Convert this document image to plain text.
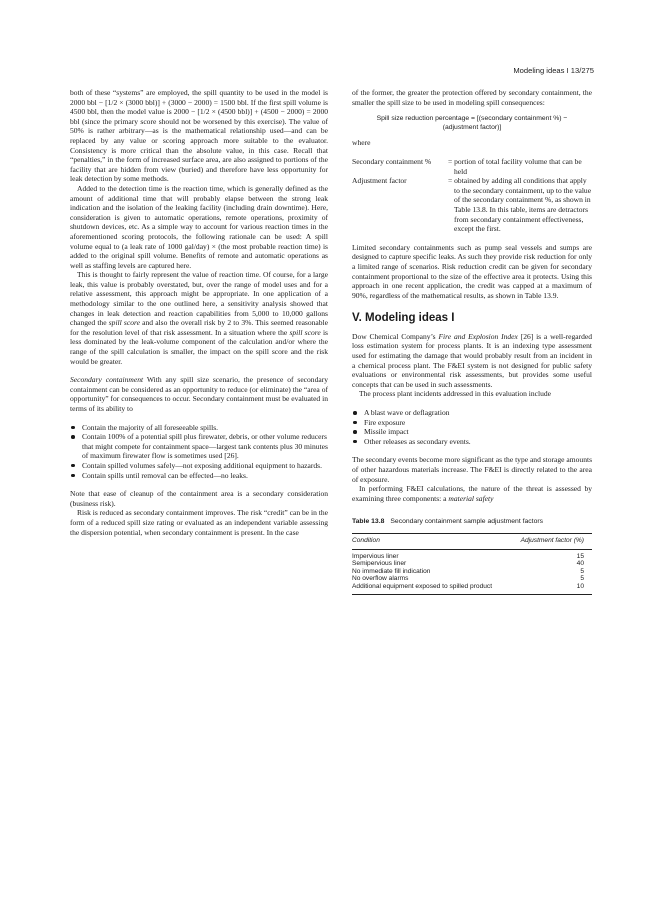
Modeling ideas I 13/275

both of these “systems” are employed, the spill quantity to be used in the model is 2000 bbl − [1/2 × (3000 bbl)] + (3000 − 2000) = 1500 bbl. If the first spill volume is 4500 bbl, then the model value is 2000 − [1/2 × (4500 bbl)] + (4500 − 2000) = 2000 bbl (since the primary score should not be worsened by this exercise). The value of 50% is rather arbitrary—as is the mathematical relationship used—and can be replaced by any value or scoring approach more suitable to the evaluator. Consistency is more critical than the absolute value, in this case. Recall that “penalties,” in the form of increased surface area, are also assigned to portions of the facility that are hidden from view (buried) and therefore have less opportunity for leak detection by some methods.

Added to the detection time is the reaction time, which is generally defined as the amount of additional time that will probably elapse between the strong leak indication and the isolation of the leaking facility (including drain downtime). Here, consideration is given to automatic operations, remote operations, proximity of shutdown devices, etc. As a simple way to account for various reaction times in the aforementioned scoring protocols, the following rationale can be used: A spill volume equal to (a leak rate of 1000 gal/day) × (the most probable reaction time) is added to the original spill volume. Benefits of remote and automatic operations as well as staffing levels are captured here.

This is thought to fairly represent the value of reaction time. Of course, for a large leak, this value is probably overstated, but, over the range of model uses and for a relative assessment, this approach might be appropriate. In one application of a methodology similar to the one outlined here, a sensitivity analysis showed that changes in leak detection and reaction capabilities from 5,000 to 10,000 gallons changed the spill score and also the overall risk by 2 to 3%. This seemed reasonable for the resolution level of that risk assessment. In a situation where the spill score is less dominated by the leak-volume component of the calculation and/or where the range of the spill calculation is smaller, the impact on the spill score and the risk would be greater.

Secondary containment With any spill size scenario, the presence of secondary containment can be considered as an opportunity to reduce (or eliminate) the “area of opportunity” for consequences to occur. Secondary containment must be evaluated in terms of its ability to

Contain the majority of all foreseeable spills.
Contain 100% of a potential spill plus firewater, debris, or other volume reducers that might compete for containment space—largest tank contents plus 30 minutes of maximum firewater flow is sometimes used [26].
Contain spilled volumes safely—not exposing additional equipment to hazards.
Contain spills until removal can be effected—no leaks.

Note that ease of cleanup of the containment area is a secondary consideration (business risk).

Risk is reduced as secondary containment improves. The risk “credit” can be in the form of a reduced spill size rating or evaluated as an independent variable assessing the dispersion potential, when secondary containment is present. In the case

of the former, the greater the protection offered by secondary containment, the smaller the spill size to be used in modeling spill consequences:

Spill size reduction percentage = [(secondary containment %) −
(adjustment factor)]

where

Secondary containment %	= portion of total facility volume that can be held
Adjustment factor	= obtained by adding all conditions that apply to the secondary containment, up to the value of the secondary containment %, as shown in Table 13.8. In this table, items are detractors from secondary containment effectiveness, except the first.

Limited secondary containments such as pump seal vessels and sumps are designed to capture specific leaks. As such they provide risk reduction for only a limited range of scenarios. Risk reduction credit can be given for secondary containment proportional to the size of the effective area it protects. Using this approach in one recent application, the credit was capped at a maximum of 90%, regardless of the mathematical results, as shown in Table 13.9.

V. Modeling ideas I

Dow Chemical Company’s Fire and Explosion Index [26] is a well-regarded loss estimation system for process plants. It is an indexing type assessment used for estimating the damage that would probably result from an incident in a chemical process plant. The F&EI system is not designed for public safety evaluations or environmental risk assessments, but provides some useful concepts that can be used in such assessments.

The process plant incidents addressed in this evaluation include

A blast wave or deflagration
Fire exposure
Missile impact
Other releases as secondary events.

The secondary events become more significant as the type and storage amounts of other hazardous materials increase. The F&EI is directly related to the area of exposure.

In performing F&EI calculations, the nature of the threat is assessed by examining three components: a material safety

Table 13.8 Secondary containment sample adjustment factors
Condition	Adjustment factor (%)
Impervious liner	15
Semipervious liner	40
No immediate fill indication	5
No overflow alarms	5
Additional equipment exposed to spilled product	10
